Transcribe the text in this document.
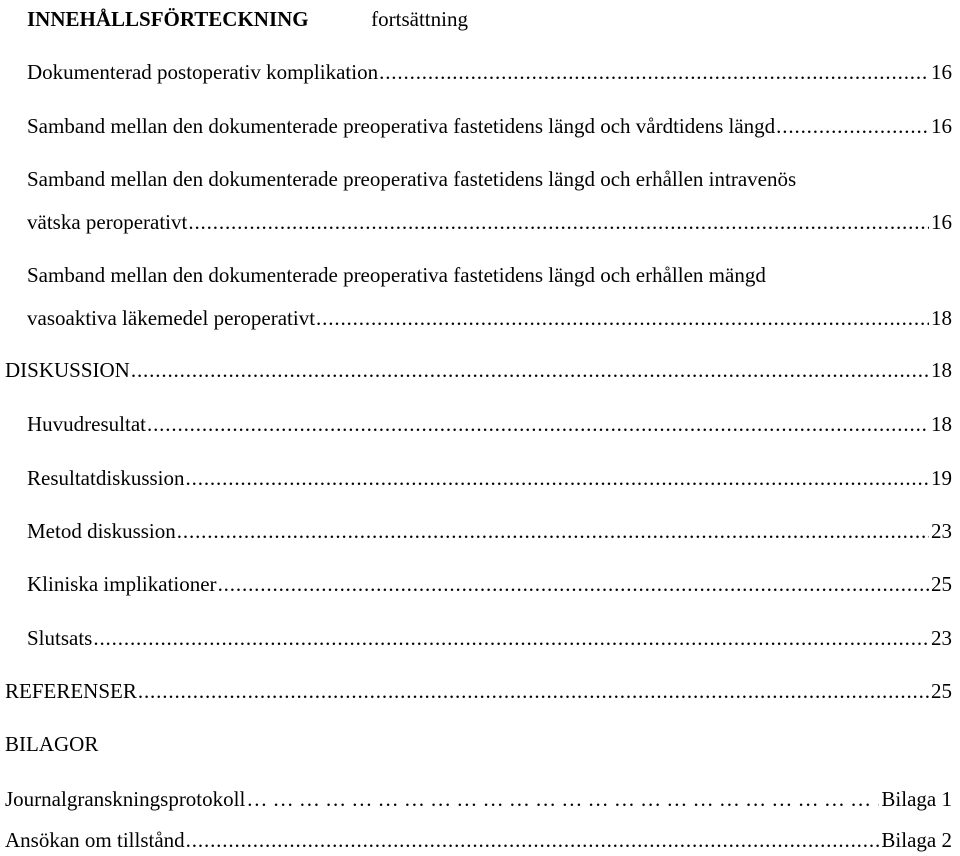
INNEHÅLLSFÖRTECKNING	fortsättning
Dokumenterad postoperativ komplikation . . .	16
Samband mellan den dokumenterade preoperativa fastetidens längd och vårdtidens längd . . .	16
Samband mellan den dokumenterade preoperativa fastetidens längd och erhållen intravenös
vätska peroperativt . . .	16
Samband mellan den dokumenterade preoperativa fastetidens längd och erhållen mängd
vasoaktiva läkemedel peroperativt . . .	18
DISKUSSION . . .	18
Huvudresultat . . .	18
Resultatdiskussion . . .	19
Metod diskussion . . .	23
Kliniska implikationer . . .	25
Slutsats . . .	23
REFERENSER . . .	25
BILAGOR
Journalgranskningsprotokoll … … … … … … … … … … … … … … … … … … … … … … … … … … … … … … … … … … … … … … … … … … … … … … … … … … … … … … … … … … … … … … … … …	Bilaga 1
Ansökan om tillstånd . . .	Bilaga 2
